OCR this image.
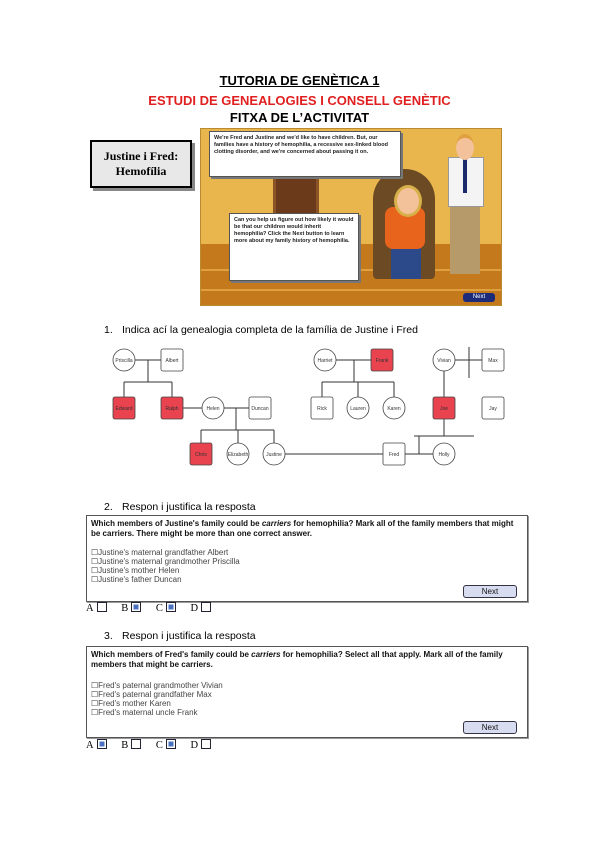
TUTORIA DE GENÈTICA 1
ESTUDI DE GENEALOGIES I CONSELL GENÈTIC
FITXA DE L’ACTIVITAT
Justine i Fred:
Hemofília
We're Fred and Justine and we'd like to have children. But, our families have a history of hemophilia, a recessive sex-linked blood clotting disorder, and we're concerned about passing it on.
Can you help us figure out how likely it would be that our children would inherit hemophilia? Click the Next button to learn more about my family history of hemophilia.
Next
1. Indica ací la genealogia completa de la família de Justine i Fred
Priscilla	Albert
Edward	Ralph	Helen	Duncan
Chris	Elizabeth	Justine
Harriet	Frank
Rick	Lauren	Karen
Fred
Vivian	Max
Joe	Jay
Holly
2. Respon i justifica la resposta
Which members of Justine's family could be carriers for hemophilia? Mark all of the family members that might be carriers. There might be more than one correct answer.
☐ Justine's maternal grandfather Albert
☐ Justine's maternal grandmother Priscilla
☐ Justine's mother Helen
☐ Justine's father Duncan
Next
A	B	C	D
3. Respon i justifica la resposta
Which members of Fred's family could be carriers for hemophilia? Select all that apply. Mark all of the family members that might be carriers.
☐ Fred's paternal grandmother Vivian
☐ Fred's paternal grandfather Max
☐ Fred's mother Karen
☐ Fred's maternal uncle Frank
Next
A	B	C	D
